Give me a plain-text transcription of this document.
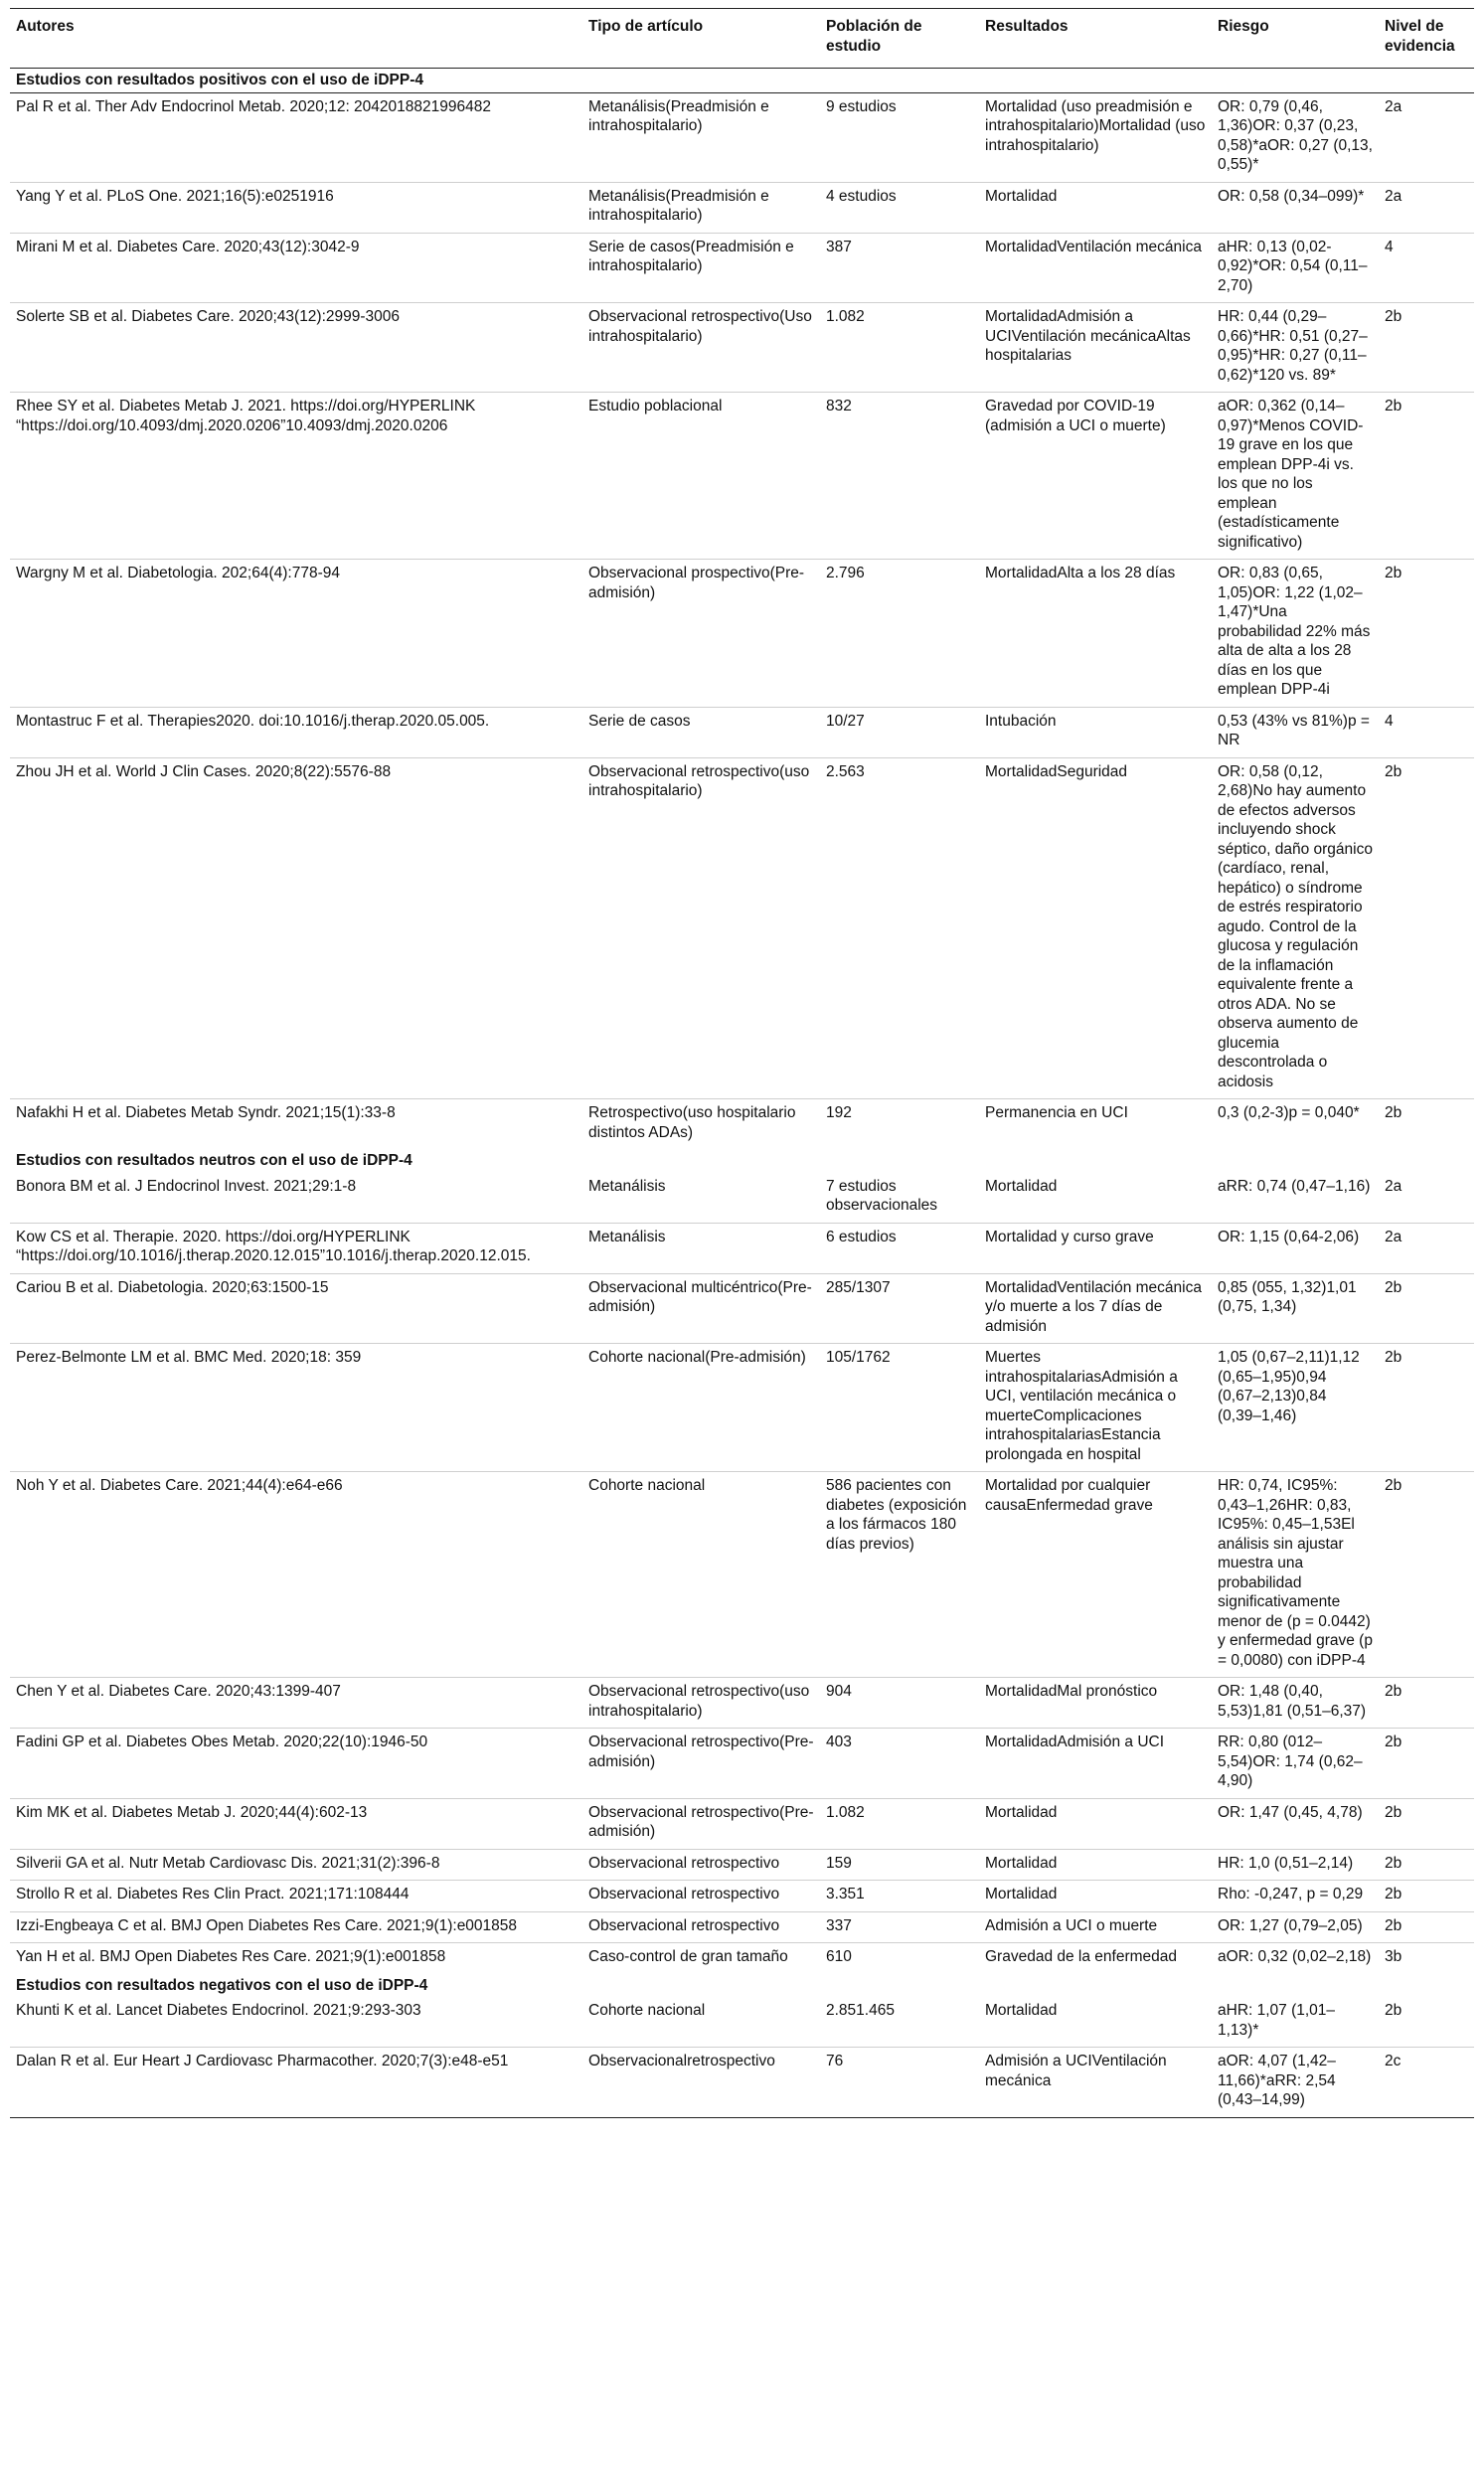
Autores	Tipo de artículo	Población de estudio	Resultados	Riesgo	Nivel de evidencia
Estudios con resultados positivos con el uso de iDPP-4					
Pal R et al. Ther Adv Endocrinol Metab. 2020;12: 2042018821996482	Metanálisis(Preadmisión e intrahospitalario)	9 estudios	Mortalidad (uso preadmisión e intrahospitalario)Mortalidad (uso intrahospitalario)	OR: 0,79 (0,46, 1,36)OR: 0,37 (0,23, 0,58)*aOR: 0,27 (0,13, 0,55)*	2a
Yang Y et al. PLoS One. 2021;16(5):e0251916	Metanálisis(Preadmisión e intrahospitalario)	4 estudios	Mortalidad	OR: 0,58 (0,34–099)*	2a
Mirani M et al. Diabetes Care. 2020;43(12):3042-9	Serie de casos(Preadmisión e intrahospitalario)	387	MortalidadVentilación mecánica	aHR: 0,13 (0,02-0,92)*OR: 0,54 (0,11–2,70)	4
Solerte SB et al. Diabetes Care. 2020;43(12):2999-3006	Observacional retrospectivo(Uso intrahospitalario)	1.082	MortalidadAdmisión a UCIVentilación mecánicaAltas hospitalarias	HR: 0,44 (0,29–0,66)*HR: 0,51 (0,27–0,95)*HR: 0,27 (0,11–0,62)*120 vs. 89*	2b
Rhee SY et al. Diabetes Metab J. 2021. https://doi.org/HYPERLINK “https://doi.org/10.4093/dmj.2020.0206”10.4093/dmj.2020.0206	Estudio poblacional	832	Gravedad por COVID-19 (admisión a UCI o muerte)	aOR: 0,362 (0,14–0,97)*Menos COVID-19 grave en los que emplean DPP-4i vs. los que no los emplean (estadísticamente significativo)	2b
Wargny M et al. Diabetologia. 202;64(4):778-94	Observacional prospectivo(Pre-admisión)	2.796	MortalidadAlta a los 28 días	OR: 0,83 (0,65, 1,05)OR: 1,22 (1,02–1,47)*Una probabilidad 22% más alta de alta a los 28 días en los que emplean DPP-4i	2b
Montastruc F et al. Therapies2020. doi:10.1016/j.therap.2020.05.005.	Serie de casos	10/27	Intubación	0,53 (43% vs 81%)p = NR	4
Zhou JH et al. World J Clin Cases. 2020;8(22):5576-88	Observacional retrospectivo(uso intrahospitalario)	2.563	MortalidadSeguridad	OR: 0,58 (0,12, 2,68)No hay aumento de efectos adversos incluyendo shock séptico, daño orgánico (cardíaco, renal, hepático) o síndrome de estrés respiratorio agudo. Control de la glucosa y regulación de la inflamación equivalente frente a otros ADA. No se observa aumento de glucemia descontrolada o acidosis	2b
Nafakhi H et al. Diabetes Metab Syndr. 2021;15(1):33-8	Retrospectivo(uso hospitalario distintos ADAs)	192	Permanencia en UCI	0,3 (0,2-3)p = 0,040*	2b
Estudios con resultados neutros con el uso de iDPP-4					
Bonora BM et al. J Endocrinol Invest. 2021;29:1-8	Metanálisis	7 estudios observacionales	Mortalidad	aRR: 0,74 (0,47–1,16)	2a
Kow CS et al. Therapie. 2020. https://doi.org/HYPERLINK “https://doi.org/10.1016/j.therap.2020.12.015”10.1016/j.therap.2020.12.015.	Metanálisis	6 estudios	Mortalidad y curso grave	OR: 1,15 (0,64-2,06)	2a
Cariou B et al. Diabetologia. 2020;63:1500-15	Observacional multicéntrico(Pre-admisión)	285/1307	MortalidadVentilación mecánica y/o muerte a los 7 días de admisión	0,85 (055, 1,32)1,01 (0,75, 1,34)	2b
Perez-Belmonte LM et al. BMC Med. 2020;18: 359	Cohorte nacional(Pre-admisión)	105/1762	Muertes intrahospitalariasAdmisión a UCI, ventilación mecánica o muerteComplicaciones intrahospitalariasEstancia prolongada en hospital	1,05 (0,67–2,11)1,12 (0,65–1,95)0,94 (0,67–2,13)0,84 (0,39–1,46)	2b
Noh Y et al. Diabetes Care. 2021;44(4):e64-e66	Cohorte nacional	586 pacientes con diabetes (exposición a los fármacos 180 días previos)	Mortalidad por cualquier causaEnfermedad grave	HR: 0,74, IC95%: 0,43–1,26HR: 0,83, IC95%: 0,45–1,53El análisis sin ajustar muestra una probabilidad significativamente menor de (p = 0.0442) y enfermedad grave (p = 0,0080) con iDPP-4	2b
Chen Y et al. Diabetes Care. 2020;43:1399-407	Observacional retrospectivo(uso intrahospitalario)	904	MortalidadMal pronóstico	OR: 1,48 (0,40, 5,53)1,81 (0,51–6,37)	2b
Fadini GP et al. Diabetes Obes Metab. 2020;22(10):1946-50	Observacional retrospectivo(Pre-admisión)	403	MortalidadAdmisión a UCI	RR: 0,80 (012–5,54)OR: 1,74 (0,62–4,90)	2b
Kim MK et al. Diabetes Metab J. 2020;44(4):602-13	Observacional retrospectivo(Pre-admisión)	1.082	Mortalidad	OR: 1,47 (0,45, 4,78)	2b
Silverii GA et al. Nutr Metab Cardiovasc Dis. 2021;31(2):396-8	Observacional retrospectivo	159	Mortalidad	HR: 1,0 (0,51–2,14)	2b
Strollo R et al. Diabetes Res Clin Pract. 2021;171:108444	Observacional retrospectivo	3.351	Mortalidad	Rho: -0,247, p = 0,29	2b
Izzi-Engbeaya C et al. BMJ Open Diabetes Res Care. 2021;9(1):e001858	Observacional retrospectivo	337	Admisión a UCI o muerte	OR: 1,27 (0,79–2,05)	2b
Yan H et al. BMJ Open Diabetes Res Care. 2021;9(1):e001858	Caso-control de gran tamaño	610	Gravedad de la enfermedad	aOR: 0,32 (0,02–2,18)	3b
Estudios con resultados negativos con el uso de iDPP-4					
Khunti K et al. Lancet Diabetes Endocrinol. 2021;9:293-303	Cohorte nacional	2.851.465	Mortalidad	aHR: 1,07 (1,01–1,13)*	2b
Dalan R et al. Eur Heart J Cardiovasc Pharmacother. 2020;7(3):e48-e51	Observacionalretrospectivo	76	Admisión a UCIVentilación mecánica	aOR: 4,07 (1,42–11,66)*aRR: 2,54 (0,43–14,99)	2c
